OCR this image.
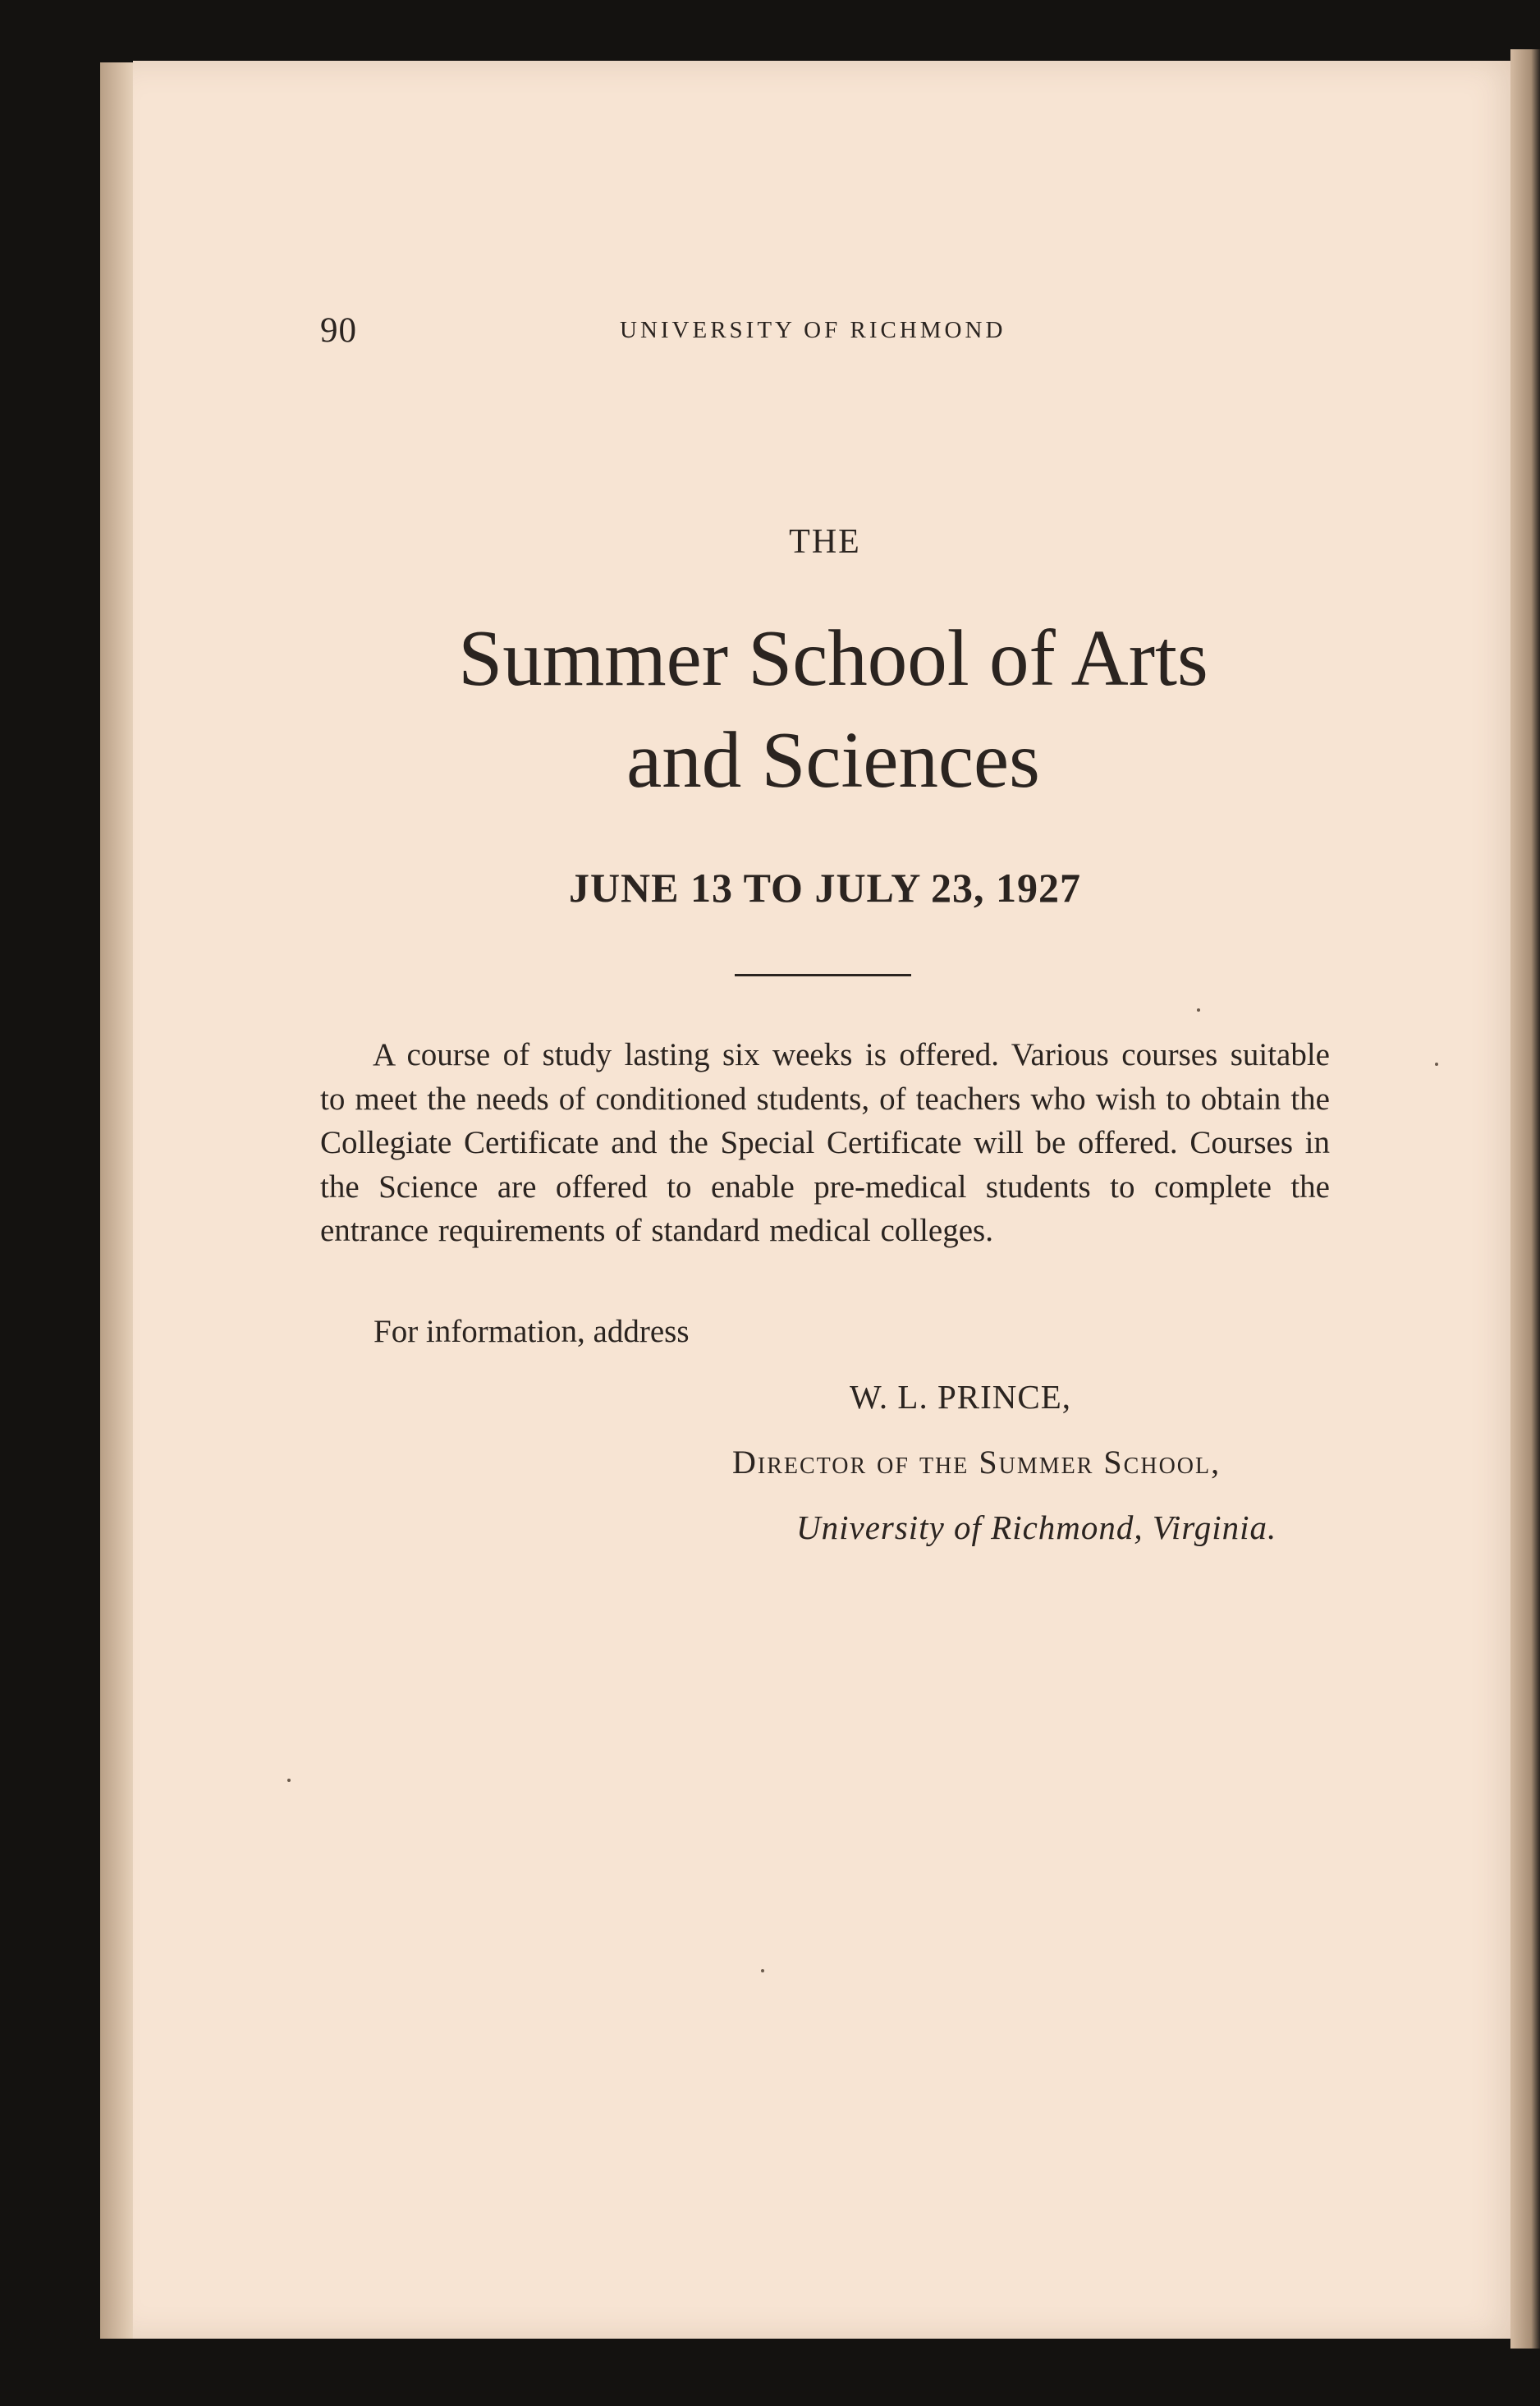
90	UNIVERSITY OF RICHMOND
THE
Summer School of Arts
and Sciences
JUNE 13 TO JULY 23, 1927
A course of study lasting six weeks is offered. Various courses suitable to meet the needs of conditioned students, of teachers who wish to obtain the Collegiate Certificate and the Special Certificate will be offered. Courses in the Science are offered to enable pre-medical students to complete the entrance requirements of standard medical colleges.
For information, address
W. L. PRINCE,
Director of the Summer School,
University of Richmond, Virginia.
